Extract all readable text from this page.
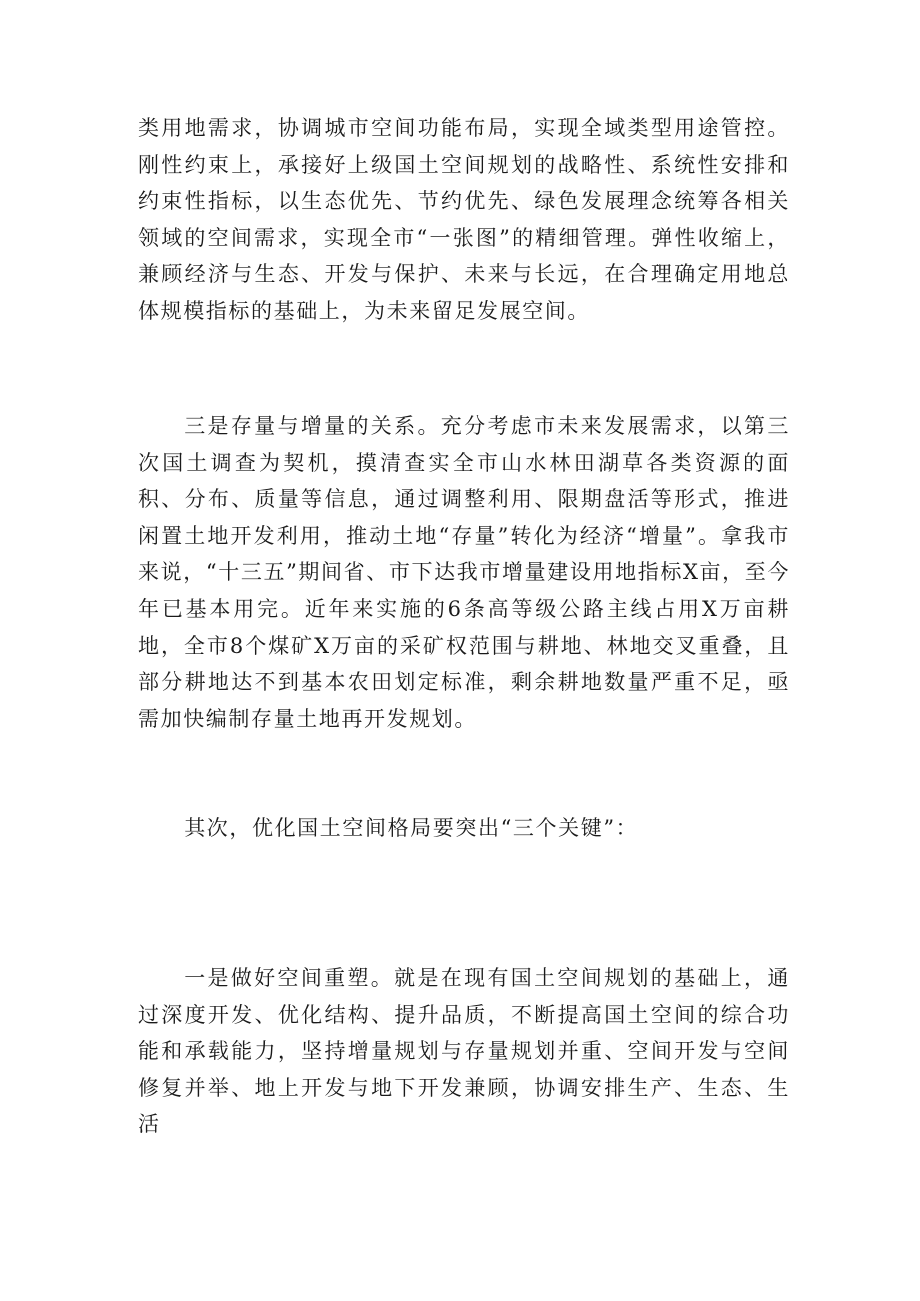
类用地需求，协调城市空间功能布局，实现全域类型用途管控。刚性约束上，承接好上级国土空间规划的战略性、系统性安排和约束性指标，以生态优先、节约优先、绿色发展理念统筹各相关领域的空间需求，实现全市“一张图”的精细管理。弹性收缩上，兼顾经济与生态、开发与保护、未来与长远，在合理确定用地总体规模指标的基础上，为未来留足发展空间。

三是存量与增量的关系。充分考虑市未来发展需求，以第三次国土调查为契机，摸清查实全市山水林田湖草各类资源的面积、分布、质量等信息，通过调整利用、限期盘活等形式，推进闲置土地开发利用，推动土地“存量”转化为经济“增量”。拿我市来说，“十三五”期间省、市下达我市增量建设用地指标X亩，至今年已基本用完。近年来实施的6条高等级公路主线占用X万亩耕地，全市8个煤矿X万亩的采矿权范围与耕地、林地交叉重叠，且部分耕地达不到基本农田划定标准，剩余耕地数量严重不足，亟需加快编制存量土地再开发规划。

其次，优化国土空间格局要突出“三个关键”：

一是做好空间重塑。就是在现有国土空间规划的基础上，通过深度开发、优化结构、提升品质，不断提高国土空间的综合功能和承载能力，坚持增量规划与存量规划并重、空间开发与空间修复并举、地上开发与地下开发兼顾，协调安排生产、生态、生活
